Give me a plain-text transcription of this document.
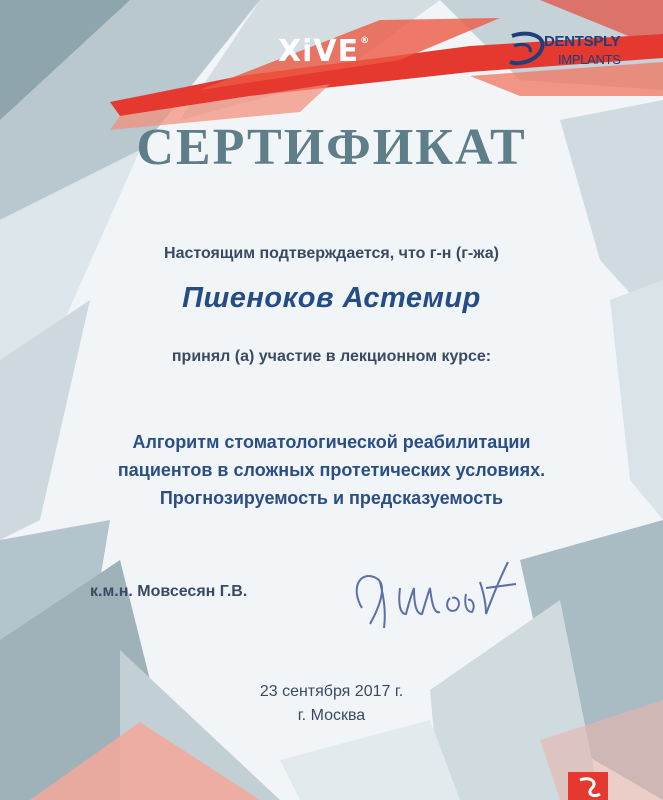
XiVE®	DENTSPLY
IMPLANTS
СЕРТИФИКАТ
Настоящим подтверждается, что г-н (г-жа)
Пшеноков Астемир
принял (а) участие в лекционном курсе:
Алгоритм стоматологической реабилитации
пациентов в сложных протетических условиях.
Прогнозируемость и предсказуемость
к.м.н. Мовсесян Г.В.
23 сентября 2017 г.
г. Москва
